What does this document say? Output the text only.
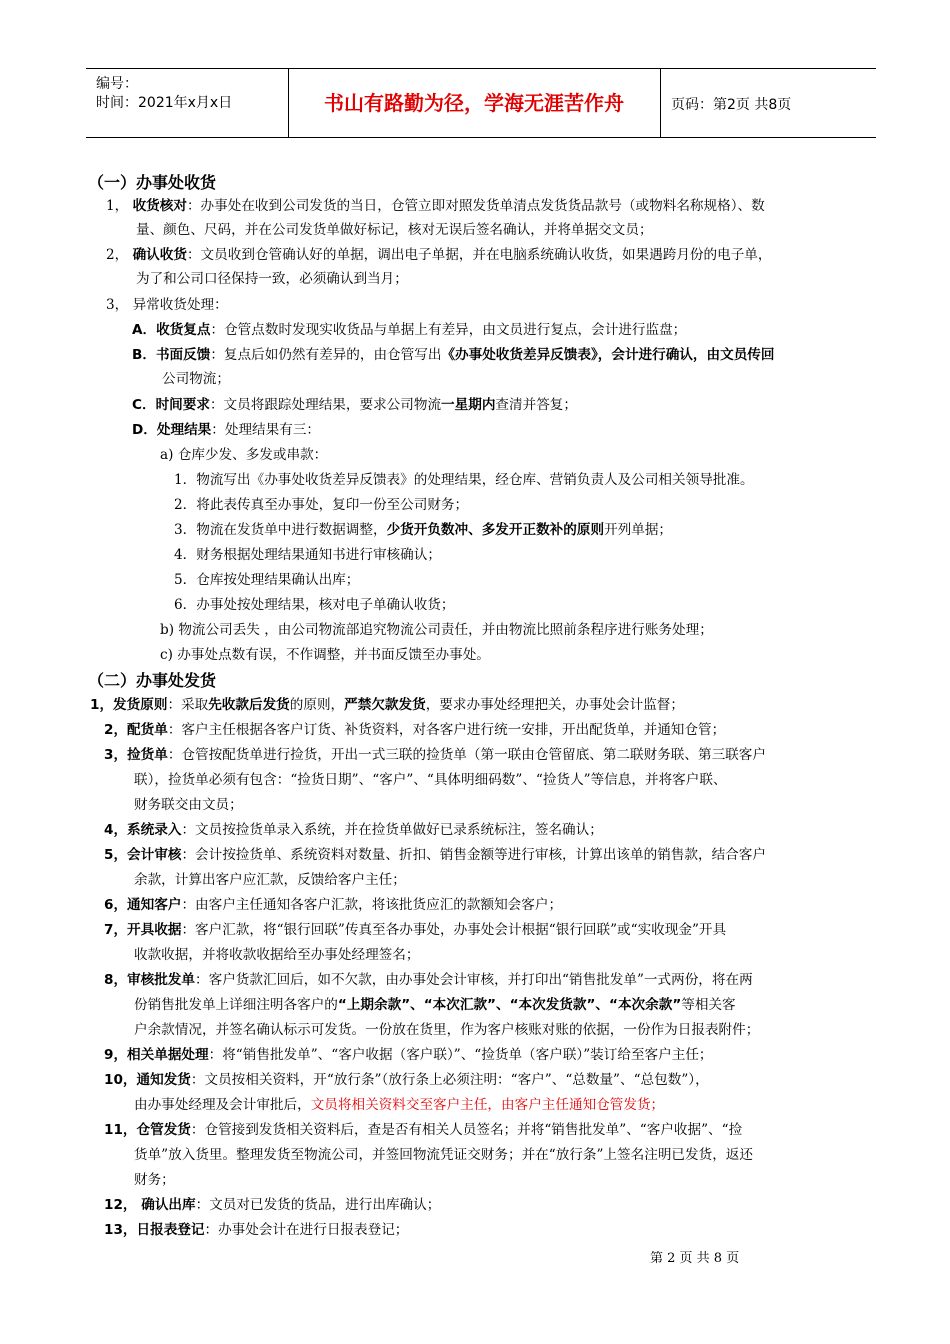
编号：
时间：2021年x月x日	书山有路勤为径，学海无涯苦作舟	页码：第2页 共8页
（一）办事处收货
1， 收货核对：办事处在收到公司发货的当日，仓管立即对照发货单清点发货货品款号（或物料名称规格）、数
量、颜色、尺码，并在公司发货单做好标记，核对无误后签名确认，并将单据交文员；
2， 确认收货：文员收到仓管确认好的单据，调出电子单据，并在电脑系统确认收货，如果遇跨月份的电子单，
为了和公司口径保持一致，必须确认到当月；
3， 异常收货处理：
A．收货复点：仓管点数时发现实收货品与单据上有差异，由文员进行复点，会计进行监盘；
B．书面反馈：复点后如仍然有差异的，由仓管写出《办事处收货差异反馈表》，会计进行确认，由文员传回
公司物流；
C．时间要求：文员将跟踪处理结果，要求公司物流一星期内查清并答复；
D．处理结果：处理结果有三：
a) 仓库少发、多发或串款：
1．物流写出《办事处收货差异反馈表》的处理结果，经仓库、营销负责人及公司相关领导批准。
2．将此表传真至办事处，复印一份至公司财务；
3．物流在发货单中进行数据调整，少货开负数冲、多发开正数补的原则开列单据；
4．财务根据处理结果通知书进行审核确认；
5．仓库按处理结果确认出库；
6．办事处按处理结果，核对电子单确认收货；
b) 物流公司丢失 ，由公司物流部追究物流公司责任，并由物流比照前条程序进行账务处理；
c) 办事处点数有误，不作调整，并书面反馈至办事处。
（二）办事处发货
1，发货原则：采取先收款后发货的原则，严禁欠款发货，要求办事处经理把关，办事处会计监督；
2，配货单：客户主任根据各客户订货、补货资料，对各客户进行统一安排，开出配货单，并通知仓管；
3，捡货单：仓管按配货单进行捡货，开出一式三联的捡货单（第一联由仓管留底、第二联财务联、第三联客户
联），捡货单必须有包含：“捡货日期”、“客户”、“具体明细码数”、“捡货人”等信息，并将客户联、
财务联交由文员；
4，系统录入：文员按捡货单录入系统，并在捡货单做好已录系统标注，签名确认；
5，会计审核：会计按捡货单、系统资料对数量、折扣、销售金额等进行审核，计算出该单的销售款，结合客户
余款，计算出客户应汇款，反馈给客户主任；
6，通知客户：由客户主任通知各客户汇款，将该批货应汇的款额知会客户；
7，开具收据：客户汇款，将“银行回联”传真至各办事处，办事处会计根据“银行回联”或“实收现金”开具
收款收据，并将收款收据给至办事处经理签名；
8，审核批发单：客户货款汇回后，如不欠款，由办事处会计审核，并打印出“销售批发单”一式两份，将在两
份销售批发单上详细注明各客户的“上期余款”、“本次汇款”、“本次发货款”、“本次余款”等相关客
户余款情况，并签名确认标示可发货。一份放在货里，作为客户核账对账的依据，一份作为日报表附件；
9，相关单据处理：将“销售批发单”、“客户收据（客户联）”、“捡货单（客户联）”装订给至客户主任；
10，通知发货：文员按相关资料，开“放行条”（放行条上必须注明：“客户”、“总数量”、“总包数”），
由办事处经理及会计审批后，文员将相关资料交至客户主任，由客户主任通知仓管发货；
11，仓管发货：仓管接到发货相关资料后，查是否有相关人员签名；并将“销售批发单”、“客户收据”、“捡
货单”放入货里。整理发货至物流公司，并签回物流凭证交财务；并在“放行条”上签名注明已发货，返还
财务；
12， 确认出库：文员对已发货的货品，进行出库确认；
13，日报表登记：办事处会计在进行日报表登记；
第 2 页 共 8 页
